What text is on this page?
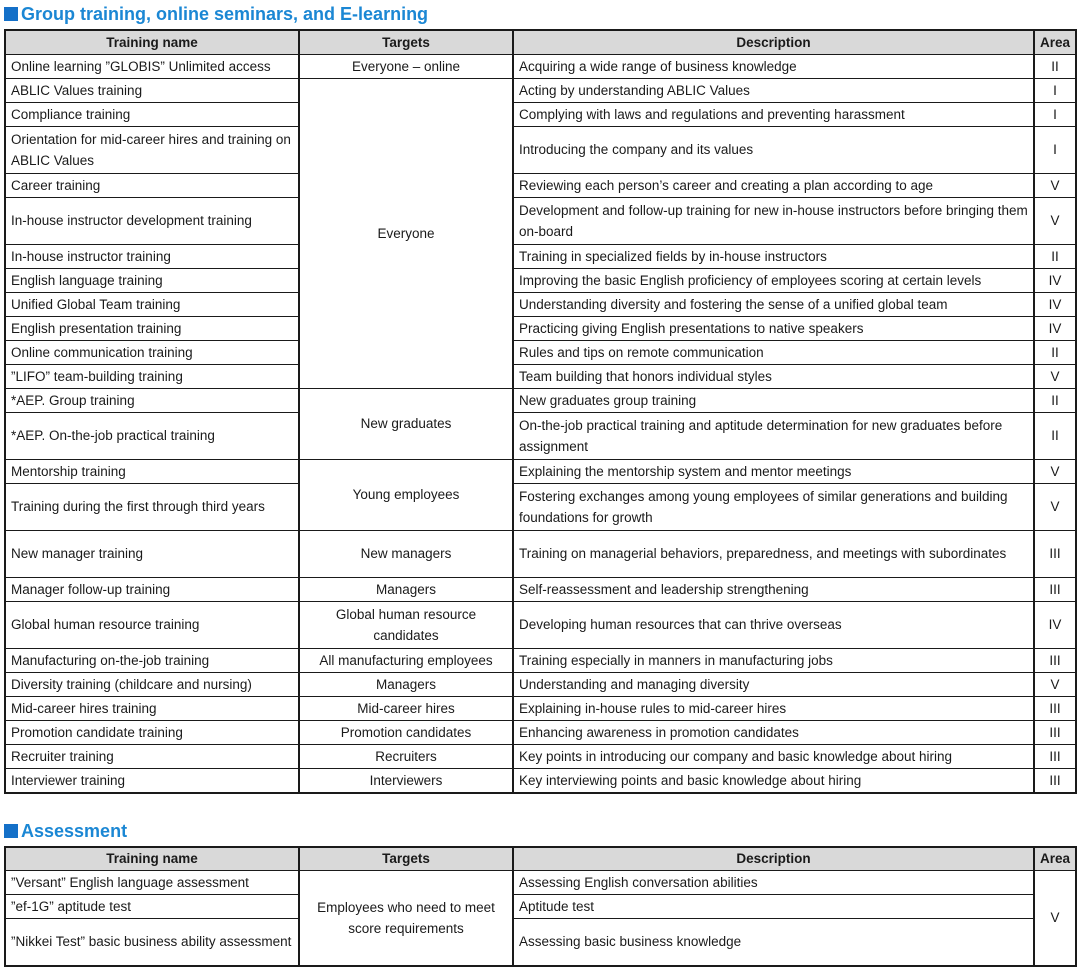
Group training, online seminars, and E-learning
Training name	Targets	Description	Area
Online learning ”GLOBIS” Unlimited access	Everyone – online	Acquiring a wide range of business knowledge	II
ABLIC Values training	Everyone	Acting by understanding ABLIC Values	I
Compliance training		Complying with laws and regulations and preventing harassment	I
Orientation for mid-career hires and training on ABLIC Values		Introducing the company and its values	I
Career training		Reviewing each person’s career and creating a plan according to age	V
In-house instructor development training		Development and follow-up training for new in-house instructors before bringing them on-board	V
In-house instructor training		Training in specialized fields by in-house instructors	II
English language training		Improving the basic English proficiency of employees scoring at certain levels	IV
Unified Global Team training		Understanding diversity and fostering the sense of a unified global team	IV
English presentation training		Practicing giving English presentations to native speakers	IV
Online communication training		Rules and tips on remote communication	II
”LIFO” team-building training		Team building that honors individual styles	V
*AEP. Group training	New graduates	New graduates group training	II
*AEP. On-the-job practical training		On-the-job practical training and aptitude determination for new graduates before assignment	II
Mentorship training	Young employees	Explaining the mentorship system and mentor meetings	V
Training during the first through third years		Fostering exchanges among young employees of similar generations and building foundations for growth	V
New manager training	New managers	Training on managerial behaviors, preparedness, and meetings with subordinates	III
Manager follow-up training	Managers	Self-reassessment and leadership strengthening	III
Global human resource training	Global human resource candidates	Developing human resources that can thrive overseas	IV
Manufacturing on-the-job training	All manufacturing employees	Training especially in manners in manufacturing jobs	III
Diversity training (childcare and nursing)	Managers	Understanding and managing diversity	V
Mid-career hires training	Mid-career hires	Explaining in-house rules to mid-career hires	III
Promotion candidate training	Promotion candidates	Enhancing awareness in promotion candidates	III
Recruiter training	Recruiters	Key points in introducing our company and basic knowledge about hiring	III
Interviewer training	Interviewers	Key interviewing points and basic knowledge about hiring	III
Assessment
Training name	Targets	Description	Area
”Versant” English language assessment	Employees who need to meet score requirements	Assessing English conversation abilities	V
”ef-1G” aptitude test		Aptitude test	
”Nikkei Test” basic business ability assessment		Assessing basic business knowledge	
